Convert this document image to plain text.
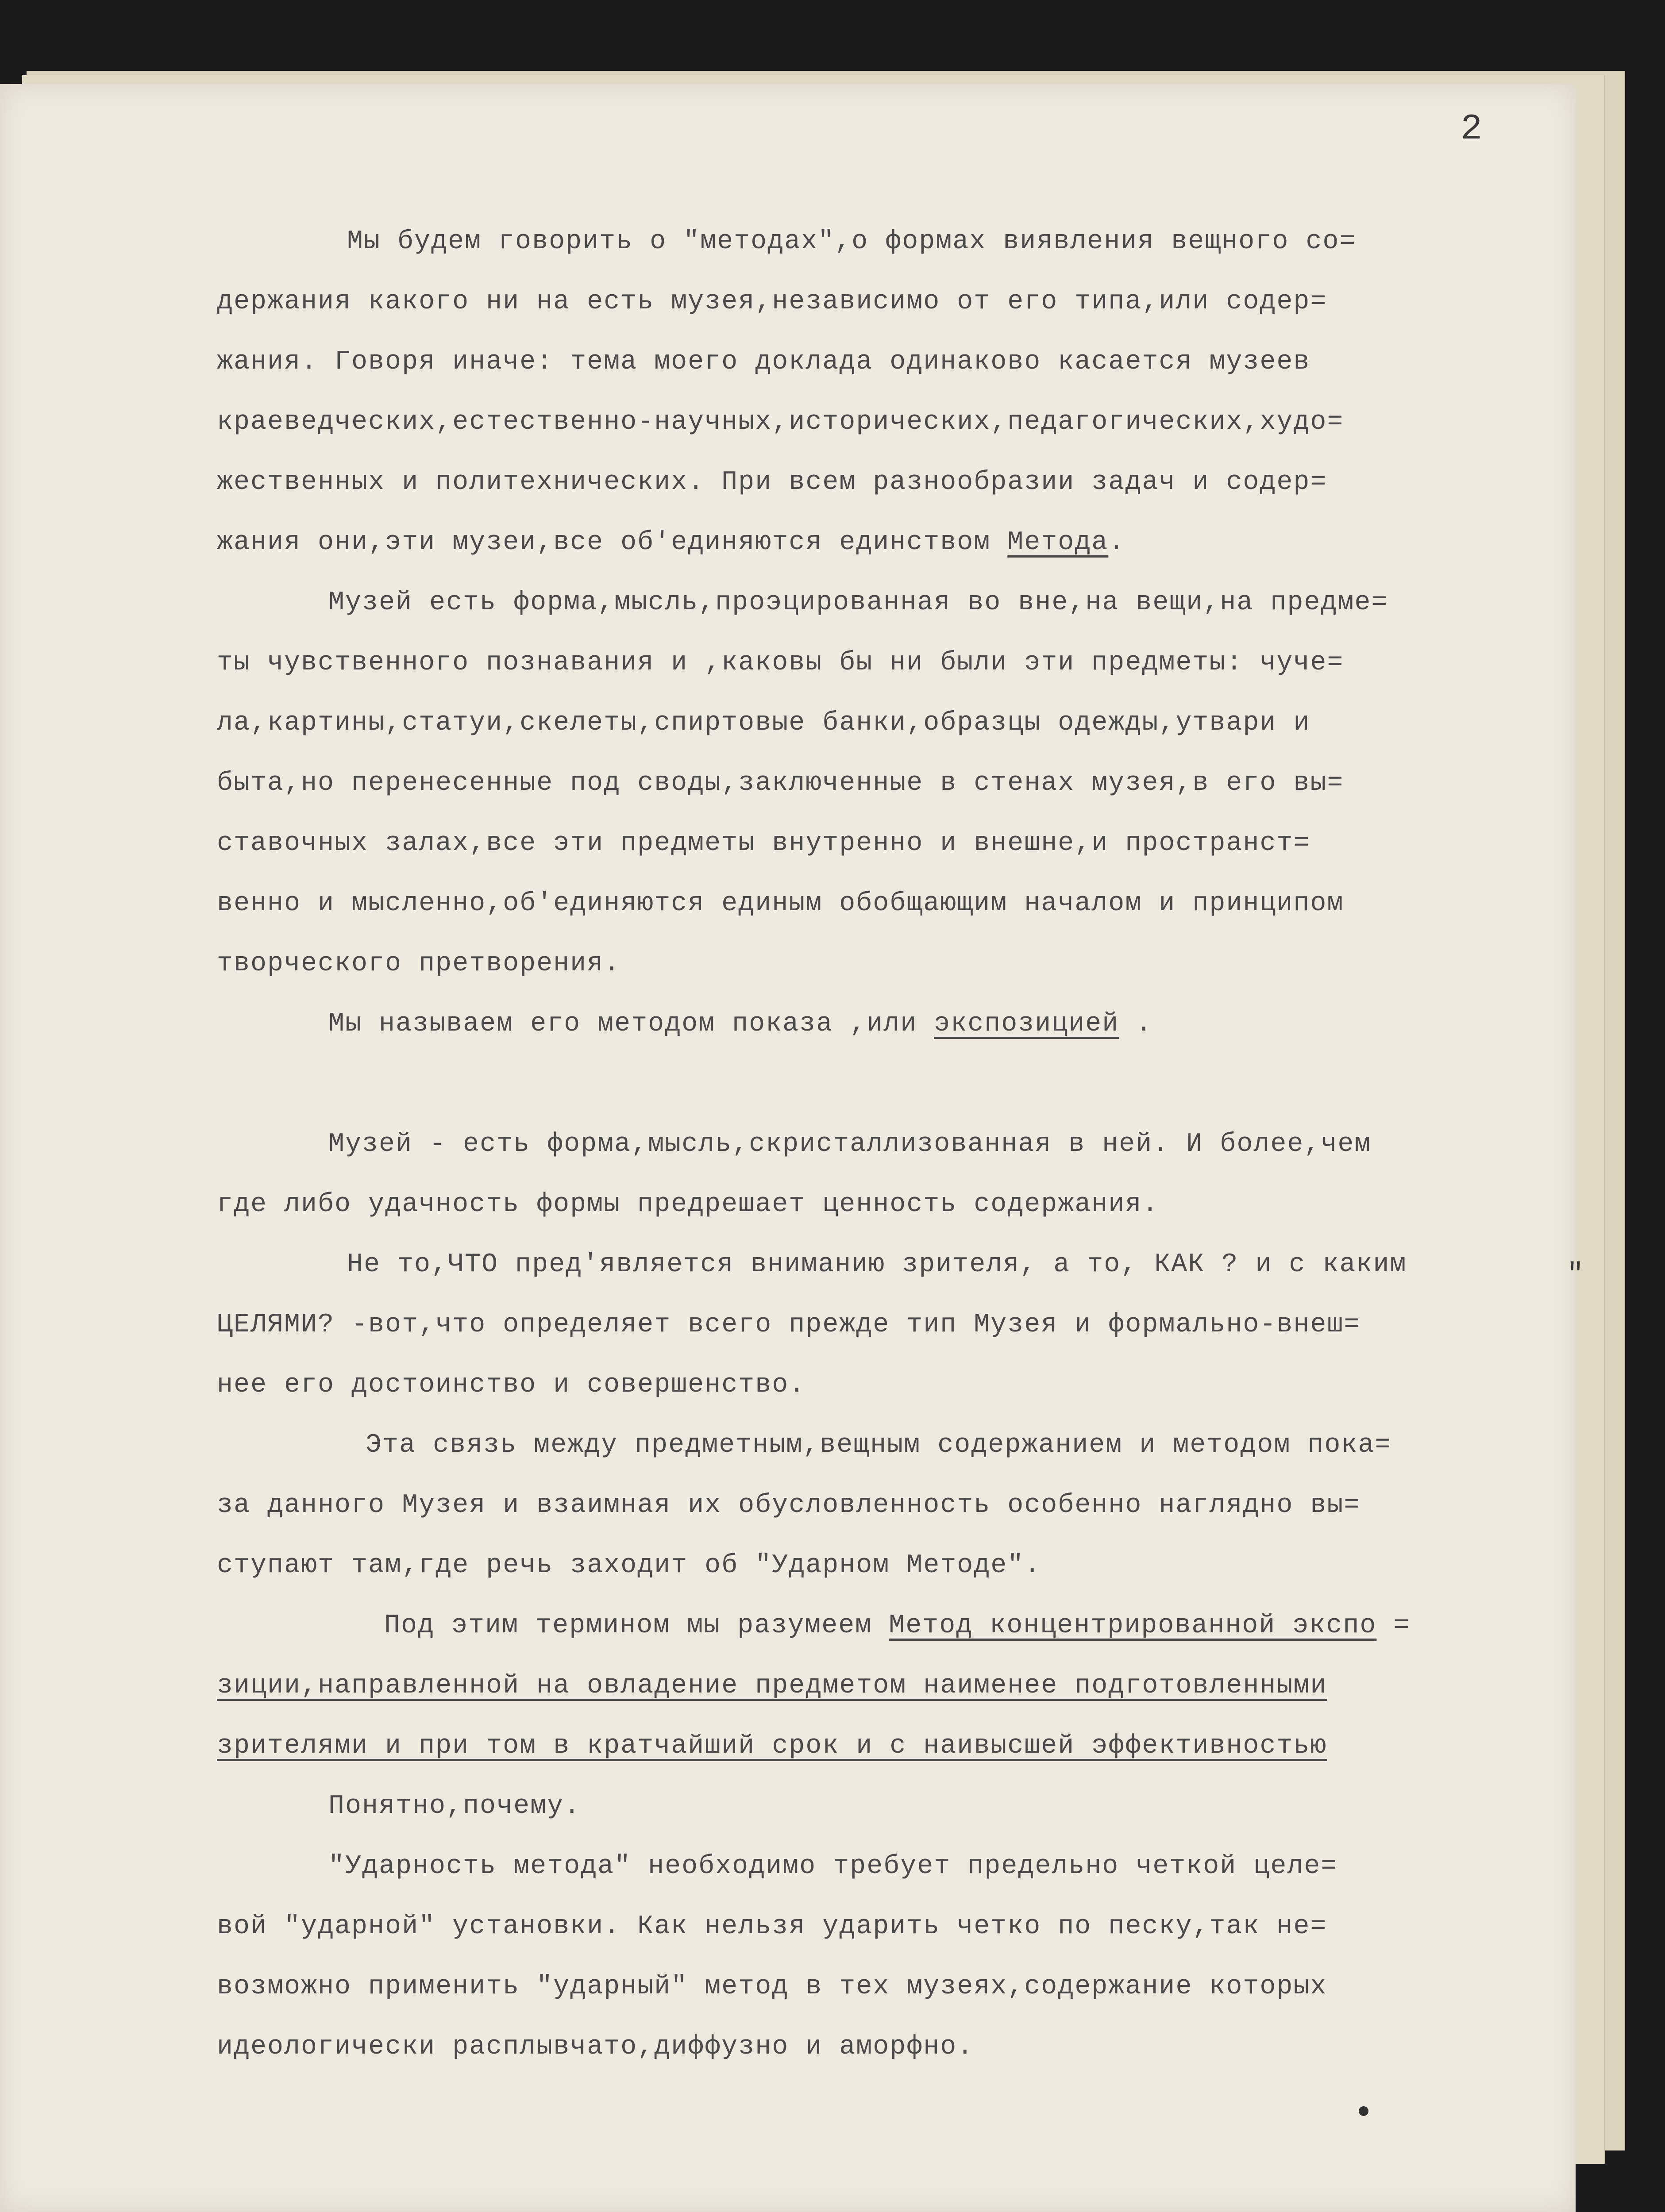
2
Мы будем говорить о "методах",о формах виявления вещного со=
держания какого ни на есть музея,независимо от его типа,или содер=
жания. Говоря иначе: тема моего доклада одинаково касается музеев
краеведческих,естественно-научных,исторических,педагогических,худо=
жественных и политехнических. При всем разнообразии задач и содер=
жания они,эти музеи,все об'единяются единством Метода.
Музей есть форма,мысль,проэцированная во вне,на вещи,на предме=
ты чувственного познавания и ,каковы бы ни были эти предметы: чуче=
ла,картины,статуи,скелеты,спиртовые банки,образцы одежды,утвари и
быта,но перенесенные под своды,заключенные в стенах музея,в его вы=
ставочных залах,все эти предметы внутренно и внешне,и пространст=
венно и мысленно,об'единяются единым обобщающим началом и принципом
творческого претворения.
Мы называем его методом показа ,или экспозицией .
Музей - есть форма,мысль,скристаллизованная в ней. И более,чем
где либо удачность формы предрешает ценность содержания.
Не то,ЧТО пред'является вниманию зрителя, а то, КАК ? и с каким
ЦЕЛЯМИ? -вот,что определяет всего прежде тип Музея и формально-внеш=
нее его достоинство и совершенство.
Эта связь между предметным,вещным содержанием и методом пока=
за данного Музея и взаимная их обусловленность особенно наглядно вы=
ступают там,где речь заходит об "Ударном Методе".
Под этим термином мы разумеем Метод концентрированной экспо =
зиции,направленной на овладение предметом наименее подготовленными
зрителями и при том в кратчайший срок и с наивысшей эффективностью
Понятно,почему.
"Ударность метода" необходимо требует предельно четкой целе=
вой "ударной" установки. Как нельзя ударить четко по песку,так не=
возможно применить "ударный" метод в тех музеях,содержание которых
идеологически расплывчато,диффузно и аморфно.
"
